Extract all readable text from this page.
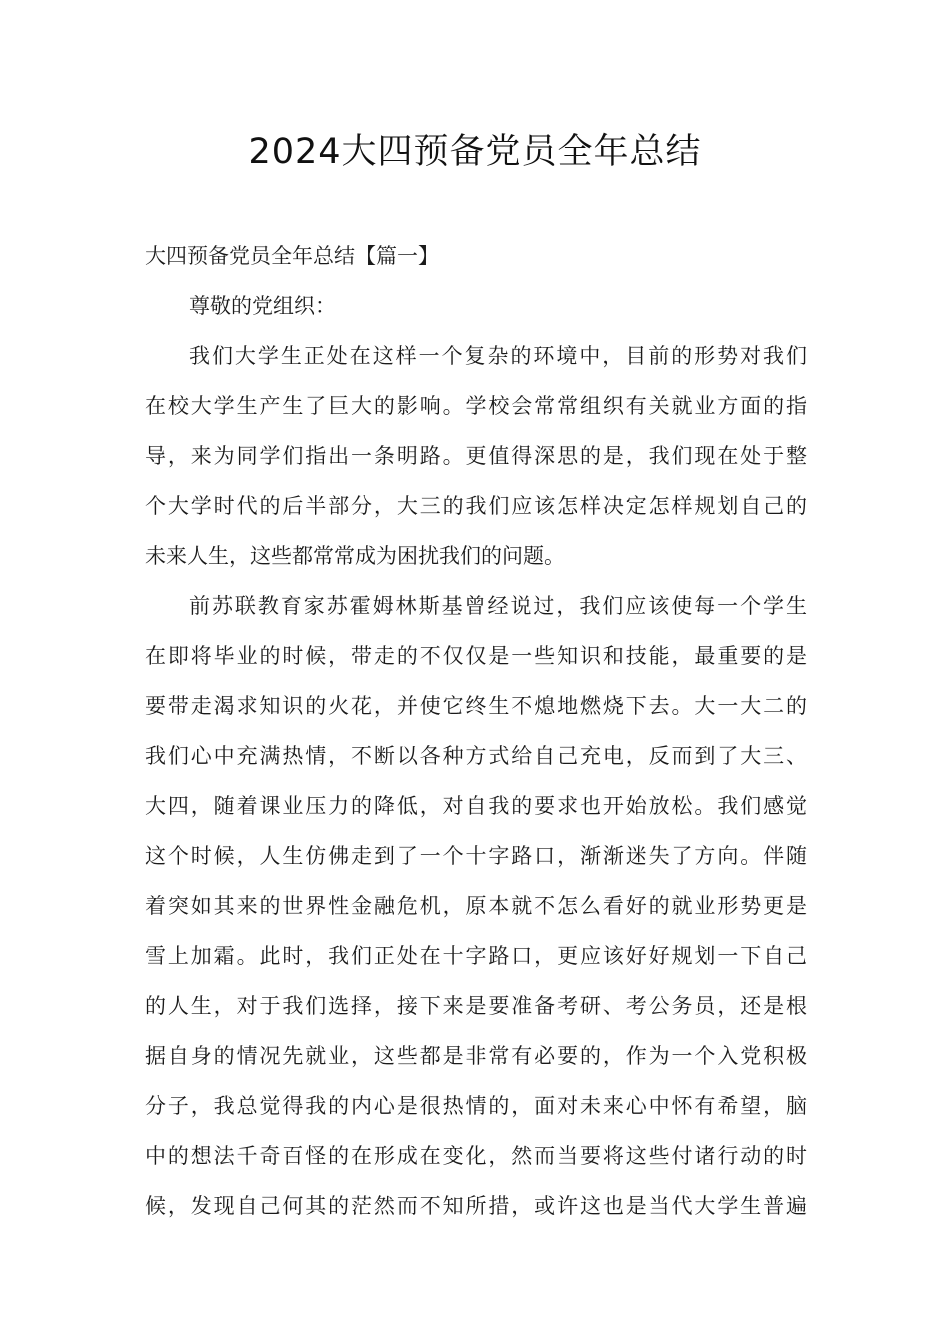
2024大四预备党员全年总结
大四预备党员全年总结【篇一】
尊敬的党组织：
我们大学生正处在这样一个复杂的环境中，目前的形势对我们
在校大学生产生了巨大的影响。学校会常常组织有关就业方面的指
导，来为同学们指出一条明路。更值得深思的是，我们现在处于整
个大学时代的后半部分，大三的我们应该怎样决定怎样规划自己的
未来人生，这些都常常成为困扰我们的问题。
前苏联教育家苏霍姆林斯基曾经说过，我们应该使每一个学生
在即将毕业的时候，带走的不仅仅是一些知识和技能，最重要的是
要带走渴求知识的火花，并使它终生不熄地燃烧下去。大一大二的
我们心中充满热情，不断以各种方式给自己充电，反而到了大三、
大四，随着课业压力的降低，对自我的要求也开始放松。我们感觉
这个时候，人生仿佛走到了一个十字路口，渐渐迷失了方向。伴随
着突如其来的世界性金融危机，原本就不怎么看好的就业形势更是
雪上加霜。此时，我们正处在十字路口，更应该好好规划一下自己
的人生，对于我们选择，接下来是要准备考研、考公务员，还是根
据自身的情况先就业，这些都是非常有必要的，作为一个入党积极
分子，我总觉得我的内心是很热情的，面对未来心中怀有希望，脑
中的想法千奇百怪的在形成在变化，然而当要将这些付诸行动的时
候，发现自己何其的茫然而不知所措，或许这也是当代大学生普遍
